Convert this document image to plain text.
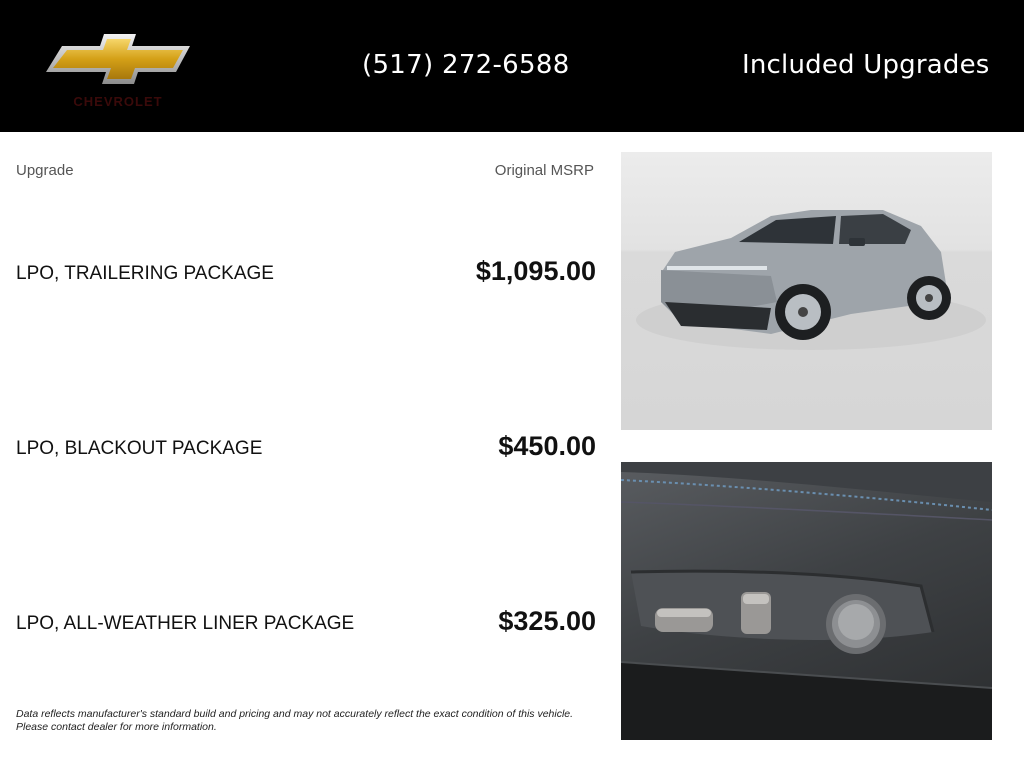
CHEVROLET
(517) 272-6588	Included Upgrades
Upgrade	Original MSRP
LPO, TRAILERING PACKAGE	$1,095.00
LPO, BLACKOUT PACKAGE	$450.00
LPO, ALL-WEATHER LINER PACKAGE	$325.00
Data reflects manufacturer's standard build and pricing and may not accurately reflect the exact condition of this vehicle.
Please contact dealer for more information.
